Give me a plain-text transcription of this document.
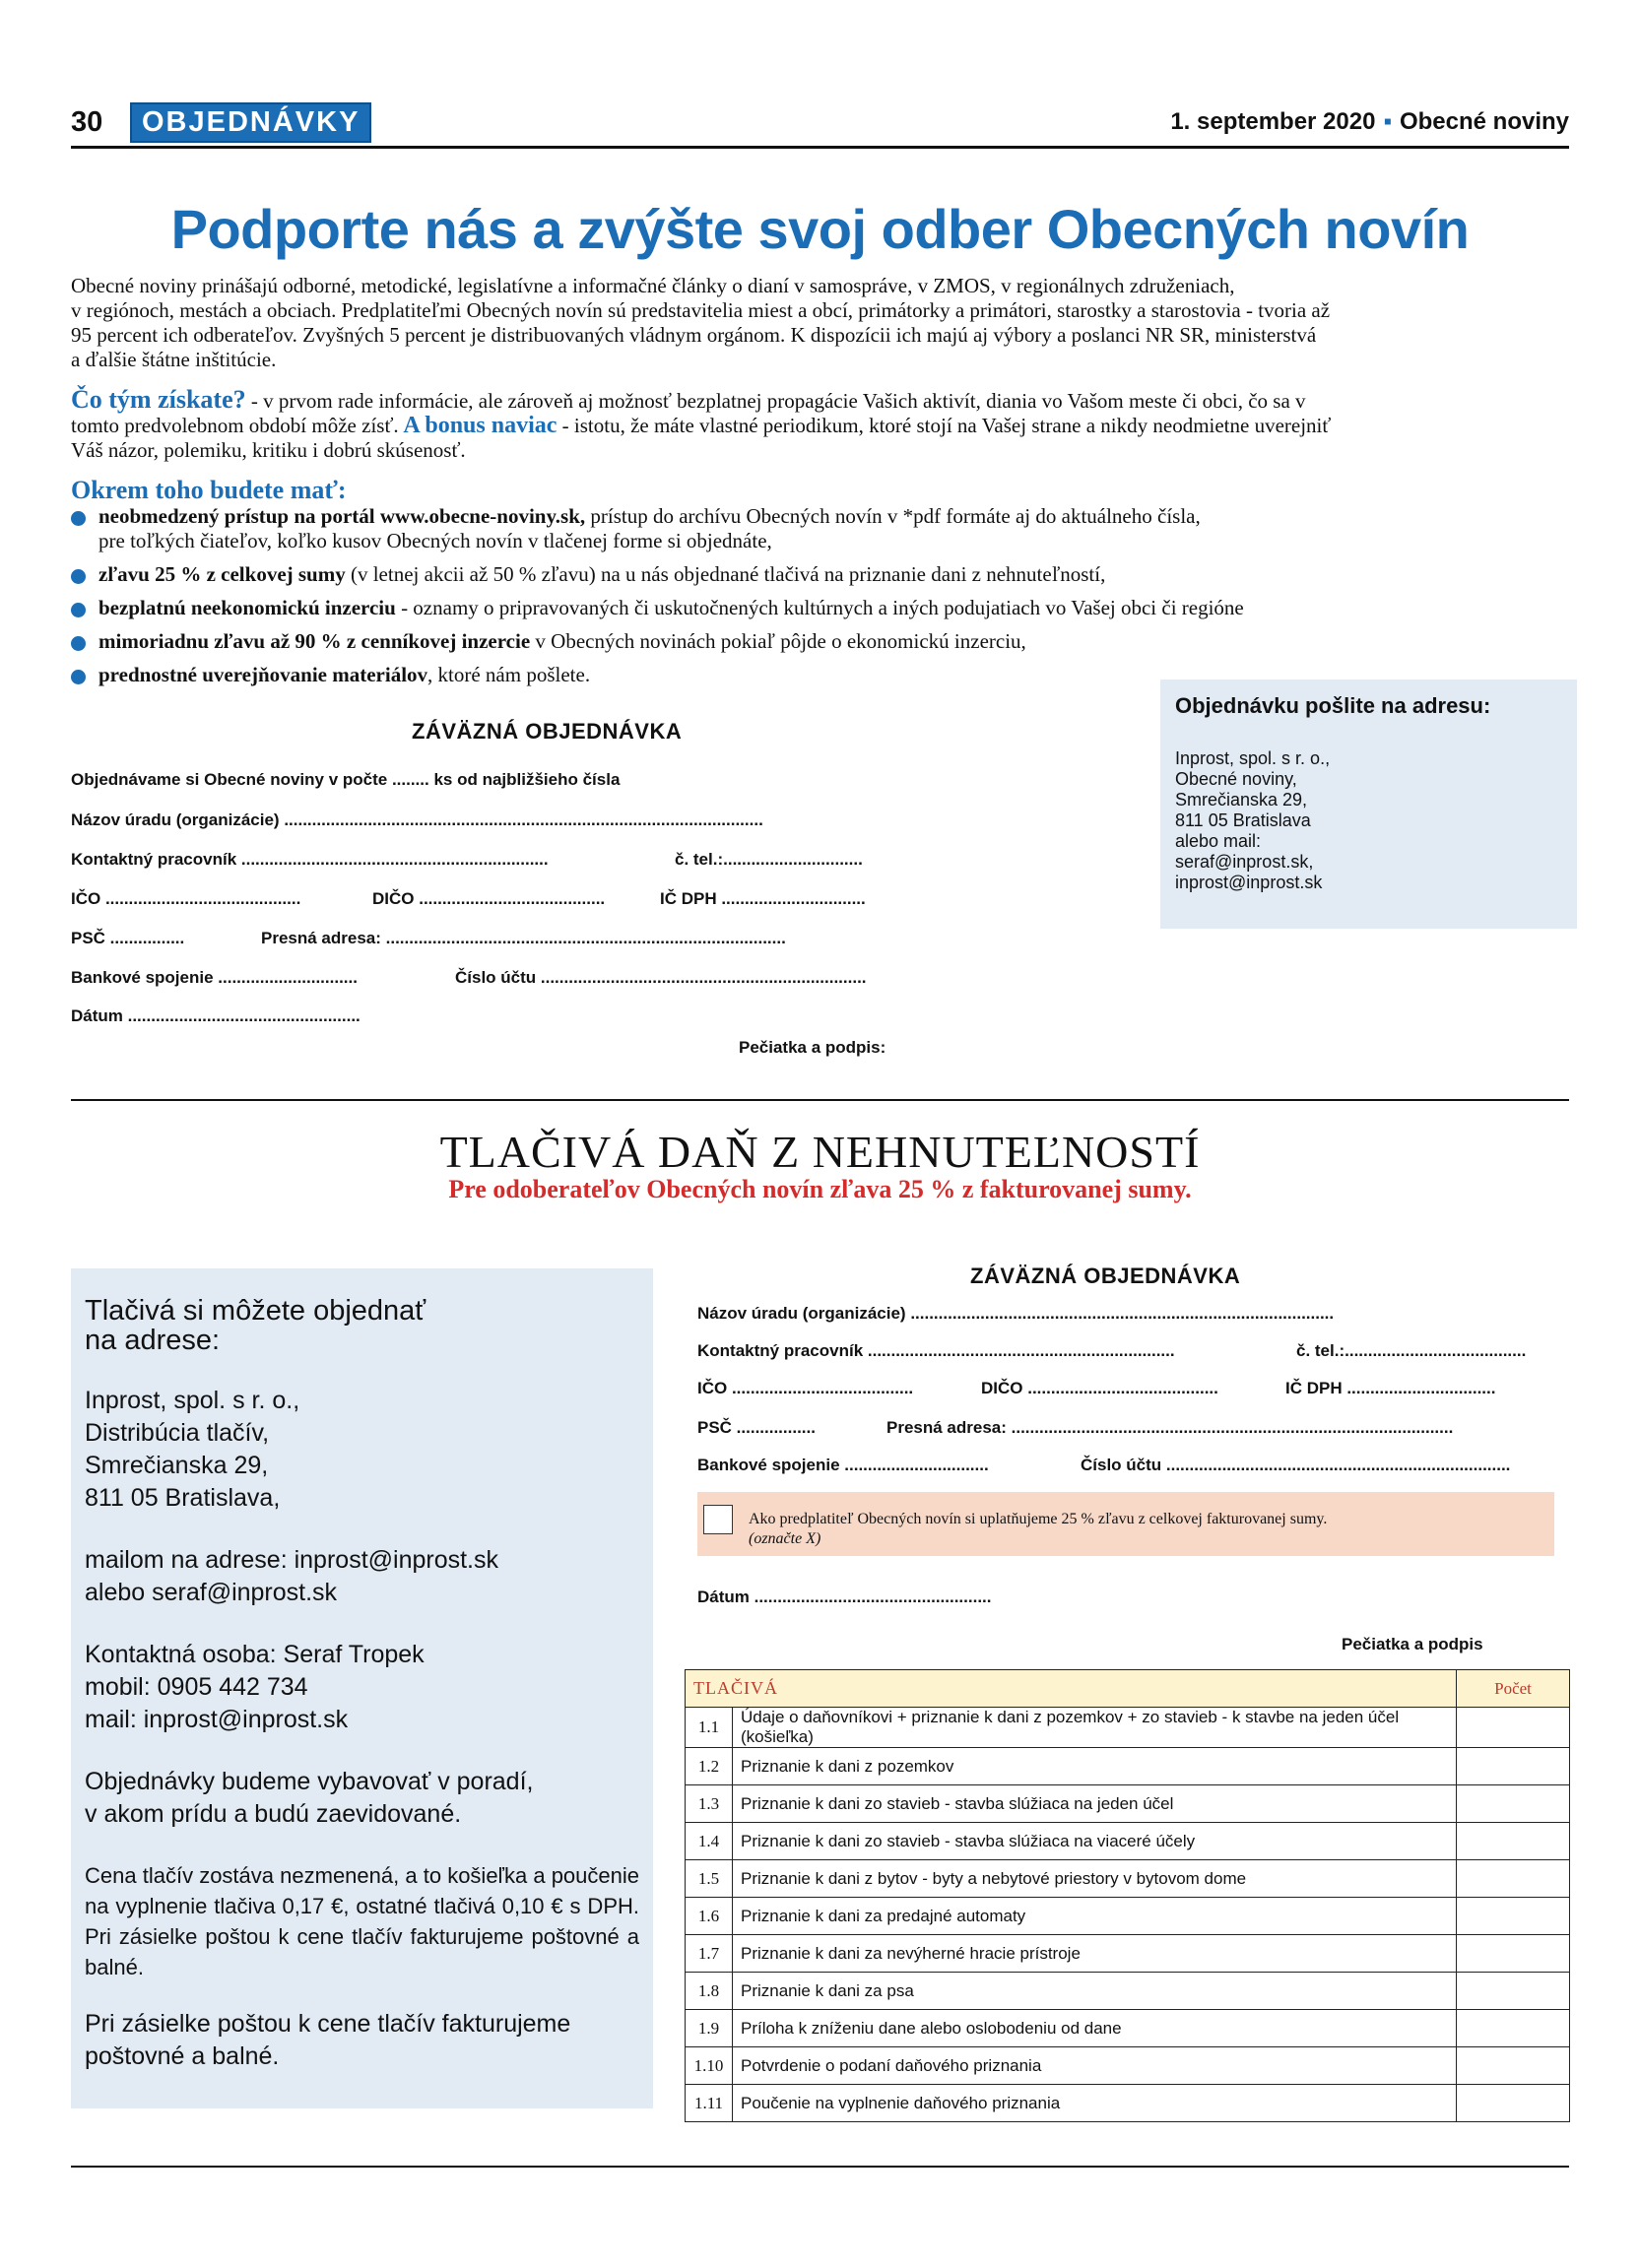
30	OBJEDNÁVKY	1. september 2020 ▪ Obecné noviny
Podporte nás a zvýšte svoj odber Obecných novín
Obecné noviny prinášajú odborné, metodické, legislatívne a informačné články o dianí v samospráve, v ZMOS, v regionálnych združeniach,
v regiónoch, mestách a obciach. Predplatiteľmi Obecných novín sú predstavitelia miest a obcí, primátorky a primátori, starostky a starostovia - tvoria až
95 percent ich odberateľov. Zvyšných 5 percent je distribuovaných vládnym orgánom. K dispozícii ich majú aj výbory a poslanci NR SR, ministerstvá
a ďalšie štátne inštitúcie.
Čo tým získate? - v prvom rade informácie, ale zároveň aj možnosť bezplatnej propagácie Vašich aktivít, diania vo Vašom meste či obci, čo sa v
tomto predvolebnom období môže zísť. A bonus naviac - istotu, že máte vlastné periodikum, ktoré stojí na Vašej strane a nikdy neodmietne uverejniť
Váš názor, polemiku, kritiku i dobrú skúsenosť.
Okrem toho budete mať:
neobmedzený prístup na portál www.obecne-noviny.sk, prístup do archívu Obecných novín v *pdf formáte aj do aktuálneho čísla,
pre toľkých čiateľov, koľko kusov Obecných novín v tlačenej forme si objednáte,
zľavu 25 % z celkovej sumy (v letnej akcii až 50 % zľavu) na u nás objednané tlačivá na priznanie dani z nehnuteľností,
bezplatnú neekonomickú inzerciu - oznamy o pripravovaných či uskutočnených kultúrnych a iných podujatiach vo Vašej obci či regióne
mimoriadnu zľavu až 90 % z cenníkovej inzercie v Obecných novinách pokiaľ pôjde o ekonomickú inzerciu,
prednostné uverejňovanie materiálov, ktoré nám pošlete.
ZÁVÄZNÁ OBJEDNÁVKA
Objednávame si Obecné noviny v počte ........ ks od najbližšieho čísla
Názov úradu (organizácie) .......................................................................................................
Kontaktný pracovník ..................................................................	č. tel.:..............................
IČO ..........................................	DIČO ........................................	IČ DPH ...............................
PSČ ................	Presná adresa: ......................................................................................
Bankové spojenie ..............................	Číslo účtu ......................................................................
Dátum ..................................................
Pečiatka a podpis:
Objednávku pošlite na adresu:
Inprost, spol. s r. o.,
Obecné noviny,
Smrečianska 29,
811 05 Bratislava
alebo mail:
seraf@inprost.sk,
inprost@inprost.sk
TLAČIVÁ DAŇ Z NEHNUTEĽNOSTÍ
Pre odoberateľov Obecných novín zľava 25 % z fakturovanej sumy.
Tlačivá si môžete objednať
na adrese:
Inprost, spol. s r. o.,
Distribúcia tlačív,
Smrečianska 29,
811 05 Bratislava,
mailom na adrese: inprost@inprost.sk
alebo seraf@inprost.sk
Kontaktná osoba: Seraf Tropek
mobil: 0905 442 734
mail: inprost@inprost.sk
Objednávky budeme vybavovať v poradí,
v akom prídu a budú zaevidované.
Cena tlačív zostáva nezmenená, a to košieľka a poučenie na vyplnenie tlačiva 0,17 €, ostatné tlačivá 0,10 € s DPH. Pri zásielke poštou k cene tlačív fakturujeme poštovné a balné.
Pri zásielke poštou k cene tlačív fakturujeme
poštovné a balné.
ZÁVÄZNÁ OBJEDNÁVKA
Názov úradu (organizácie) ...........................................................................................
Kontaktný pracovník ..................................................................	č. tel.:.......................................
IČO .......................................	DIČO .........................................	IČ DPH ................................
PSČ .................	Presná adresa: ...............................................................................................
Bankové spojenie ...............................	Číslo účtu ..........................................................................
Ako predplatiteľ Obecných novín si uplatňujeme 25 % zľavu z celkovej fakturovanej sumy.
(označte X)
Dátum ...................................................
Pečiatka a podpis
TLAČIVÁ		Počet
1.1	Údaje o daňovníkovi + priznanie k dani z pozemkov + zo stavieb - k stavbe na jeden účel (košieľka)	
1.2	Priznanie k dani z pozemkov	
1.3	Priznanie k dani zo stavieb - stavba slúžiaca na jeden účel	
1.4	Priznanie k dani zo stavieb - stavba slúžiaca na viaceré účely	
1.5	Priznanie k dani z bytov - byty a nebytové priestory v bytovom dome	
1.6	Priznanie k dani za predajné automaty	
1.7	Priznanie k dani za nevýherné hracie prístroje	
1.8	Priznanie k dani za psa	
1.9	Príloha k zníženiu dane alebo oslobodeniu od dane	
1.10	Potvrdenie o podaní daňového priznania	
1.11	Poučenie na vyplnenie daňového priznania	
